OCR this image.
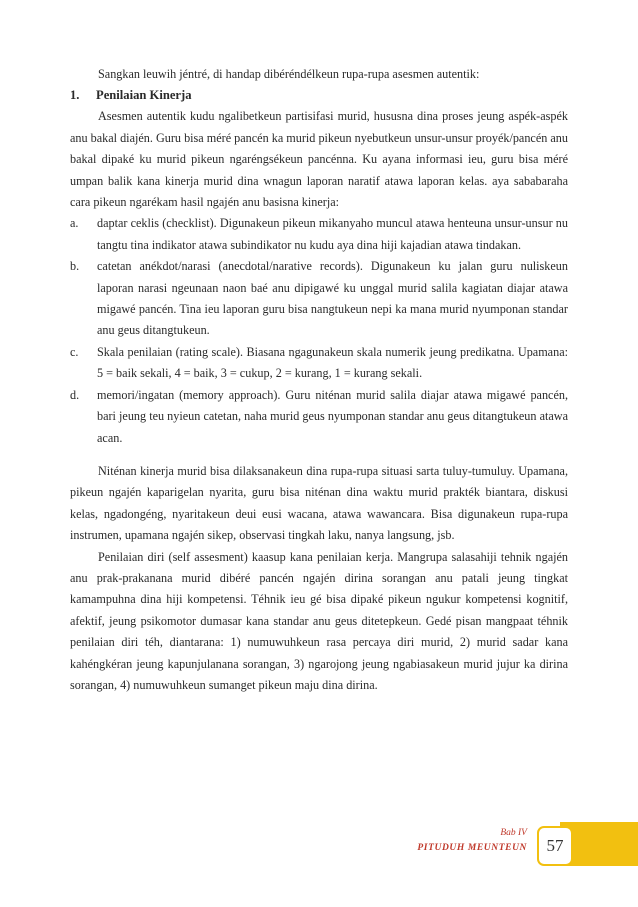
Sangkan leuwih jéntré, di handap dibéréndélkeun rupa-rupa asesmen autentik:

1. Penilaian Kinerja

Asesmen autentik kudu ngalibetkeun partisifasi murid, hususna dina proses jeung aspék-aspék anu bakal diajén. Guru bisa méré pancén ka murid pikeun nyebutkeun unsur-unsur proyék/pancén anu bakal dipaké ku murid pikeun ngaréngsékeun pancénna. Ku ayana informasi ieu, guru bisa méré umpan balik kana kinerja murid dina wnagun laporan naratif atawa laporan kelas. aya sababaraha cara pikeun ngarékam hasil ngajén anu basisna kinerja:

a. daptar ceklis (checklist). Digunakeun pikeun mikanyaho muncul atawa henteuna unsur-unsur nu tangtu tina indikator atawa subindikator nu kudu aya dina hiji kajadian atawa tindakan.
b. catetan anékdot/narasi (anecdotal/narative records). Digunakeun ku jalan guru nuliskeun laporan narasi ngeunaan naon baé anu dipigawé ku unggal murid salila kagiatan diajar atawa migawé pancén. Tina ieu laporan guru bisa nangtukeun nepi ka mana murid nyumponan standar anu geus ditangtukeun.
c. Skala penilaian (rating scale). Biasana ngagunakeun skala numerik jeung predikatna. Upamana: 5 = baik sekali, 4 = baik, 3 = cukup, 2 = kurang, 1 = kurang sekali.
d. memori/ingatan (memory approach). Guru niténan murid salila diajar atawa migawé pancén, bari jeung teu nyieun catetan, naha murid geus nyumponan standar anu geus ditangtukeun atawa acan.

Niténan kinerja murid bisa dilaksanakeun dina rupa-rupa situasi sarta tuluy-tumuluy. Upamana, pikeun ngajén kaparigelan nyarita, guru bisa niténan dina waktu murid prakték biantara, diskusi kelas, ngadongéng, nyaritakeun deui eusi wacana, atawa wawancara. Bisa digunakeun rupa-rupa instrumen, upamana ngajén sikep, observasi tingkah laku, nanya langsung, jsb.

Penilaian diri (self assesment) kaasup kana penilaian kerja. Mangrupa salasahiji tehnik ngajén anu prak-prakanana murid dibéré pancén ngajén dirina sorangan anu patali jeung tingkat kamampuhna dina hiji kompetensi. Téhnik ieu gé bisa dipaké pikeun ngukur kompetensi kognitif, afektif, jeung psikomotor dumasar kana standar anu geus ditetepkeun. Gedé pisan mangpaat téhnik penilaian diri téh, diantarana: 1) numuwuhkeun rasa percaya diri murid, 2) murid sadar kana kahéngkéran jeung kapunjulanana sorangan, 3) ngarojong jeung ngabiasakeun murid jujur ka dirina sorangan, 4) numuwuhkeun sumanget pikeun maju dina dirina.

Bab IV
PITUDUH MEUNTEUN	57
